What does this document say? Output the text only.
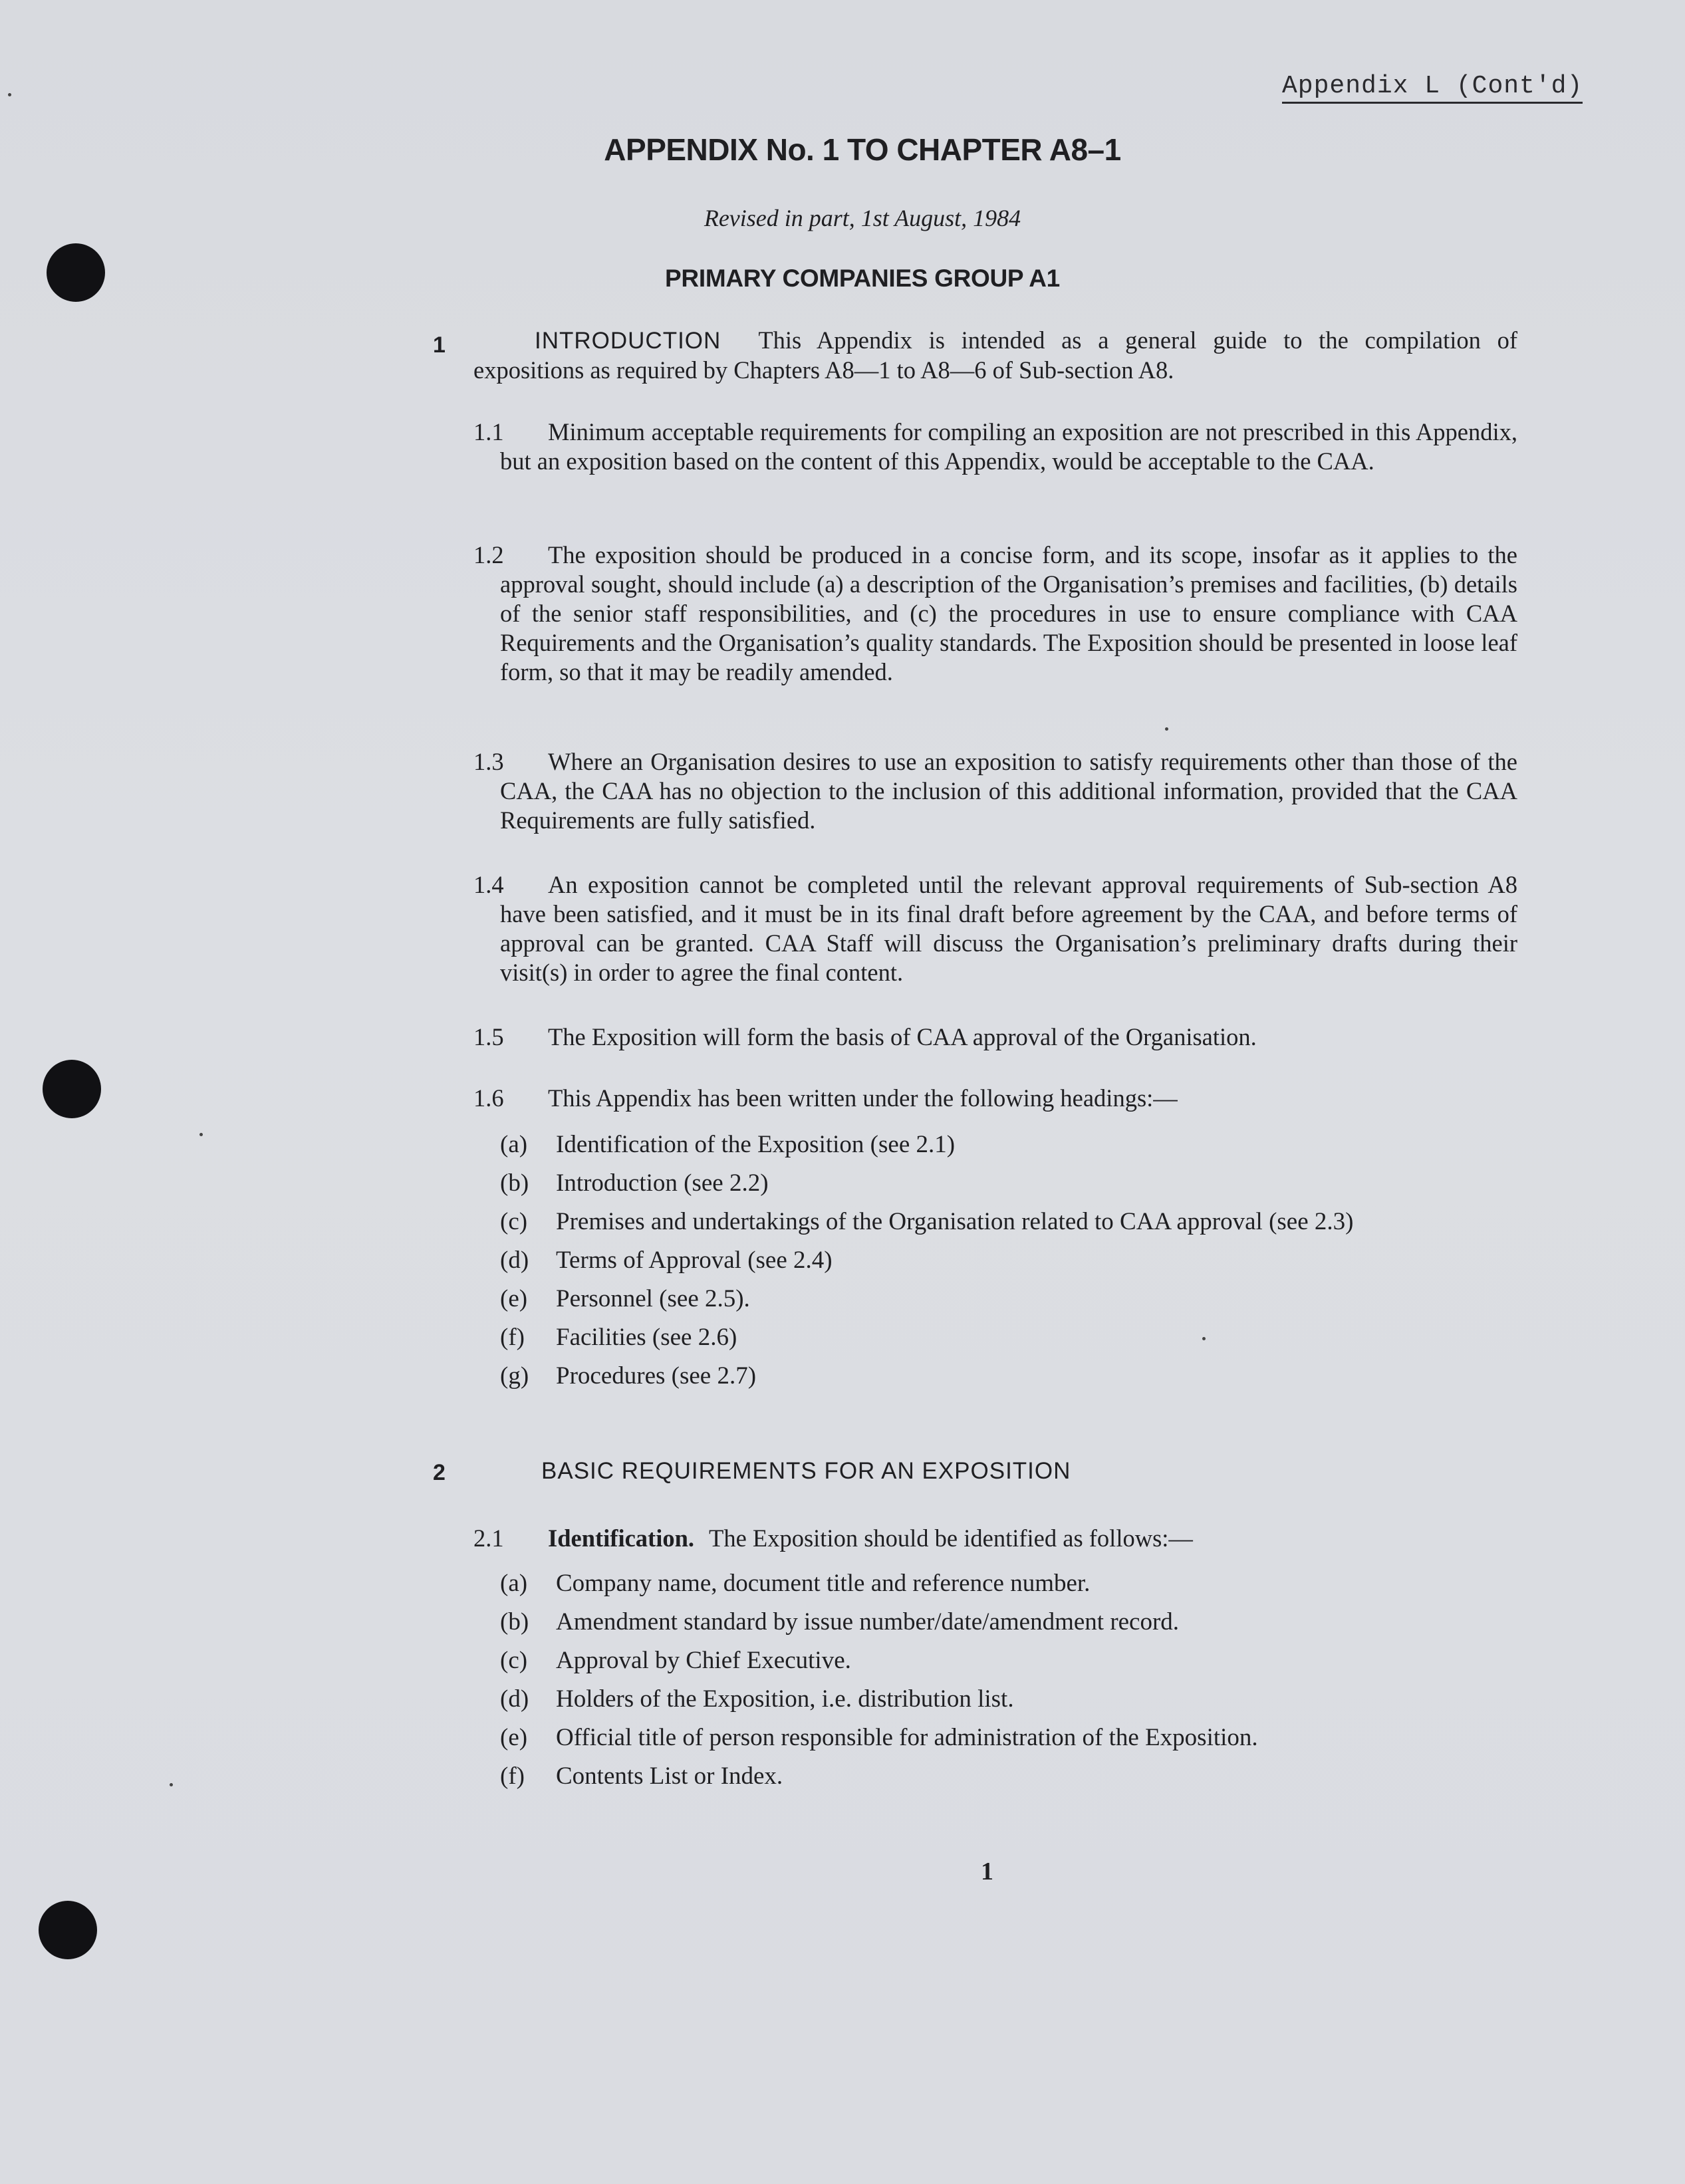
Appendix L (Cont'd)
APPENDIX No. 1 TO CHAPTER A8–1
Revised in part, 1st August, 1984
PRIMARY COMPANIES GROUP A1
1	INTRODUCTION This Appendix is intended as a general guide to the compilation of expositions as required by Chapters A8—1 to A8—6 of Sub-section A8.
1.1	Minimum acceptable requirements for compiling an exposition are not prescribed in this Appendix, but an exposition based on the content of this Appendix, would be acceptable to the CAA.
1.2	The exposition should be produced in a concise form, and its scope, insofar as it applies to the approval sought, should include (a) a description of the Organisation’s premises and facilities, (b) details of the senior staff responsibilities, and (c) the procedures in use to ensure compliance with CAA Requirements and the Organisation’s quality standards. The Exposition should be presented in loose leaf form, so that it may be readily amended.
1.3	Where an Organisation desires to use an exposition to satisfy requirements other than those of the CAA, the CAA has no objection to the inclusion of this additional information, provided that the CAA Requirements are fully satisfied.
1.4	An exposition cannot be completed until the relevant approval requirements of Sub-section A8 have been satisfied, and it must be in its final draft before agreement by the CAA, and before terms of approval can be granted. CAA Staff will discuss the Organisation’s preliminary drafts during their visit(s) in order to agree the final content.
1.5	The Exposition will form the basis of CAA approval of the Organisation.
1.6	This Appendix has been written under the following headings:—
(a) Identification of the Exposition (see 2.1)
(b) Introduction (see 2.2)
(c) Premises and undertakings of the Organisation related to CAA approval (see 2.3)
(d) Terms of Approval (see 2.4)
(e) Personnel (see 2.5).
(f) Facilities (see 2.6)
(g) Procedures (see 2.7)
2	BASIC REQUIREMENTS FOR AN EXPOSITION
2.1 Identification. The Exposition should be identified as follows:—
(a) Company name, document title and reference number.
(b) Amendment standard by issue number/date/amendment record.
(c) Approval by Chief Executive.
(d) Holders of the Exposition, i.e. distribution list.
(e) Official title of person responsible for administration of the Exposition.
(f) Contents List or Index.
1
